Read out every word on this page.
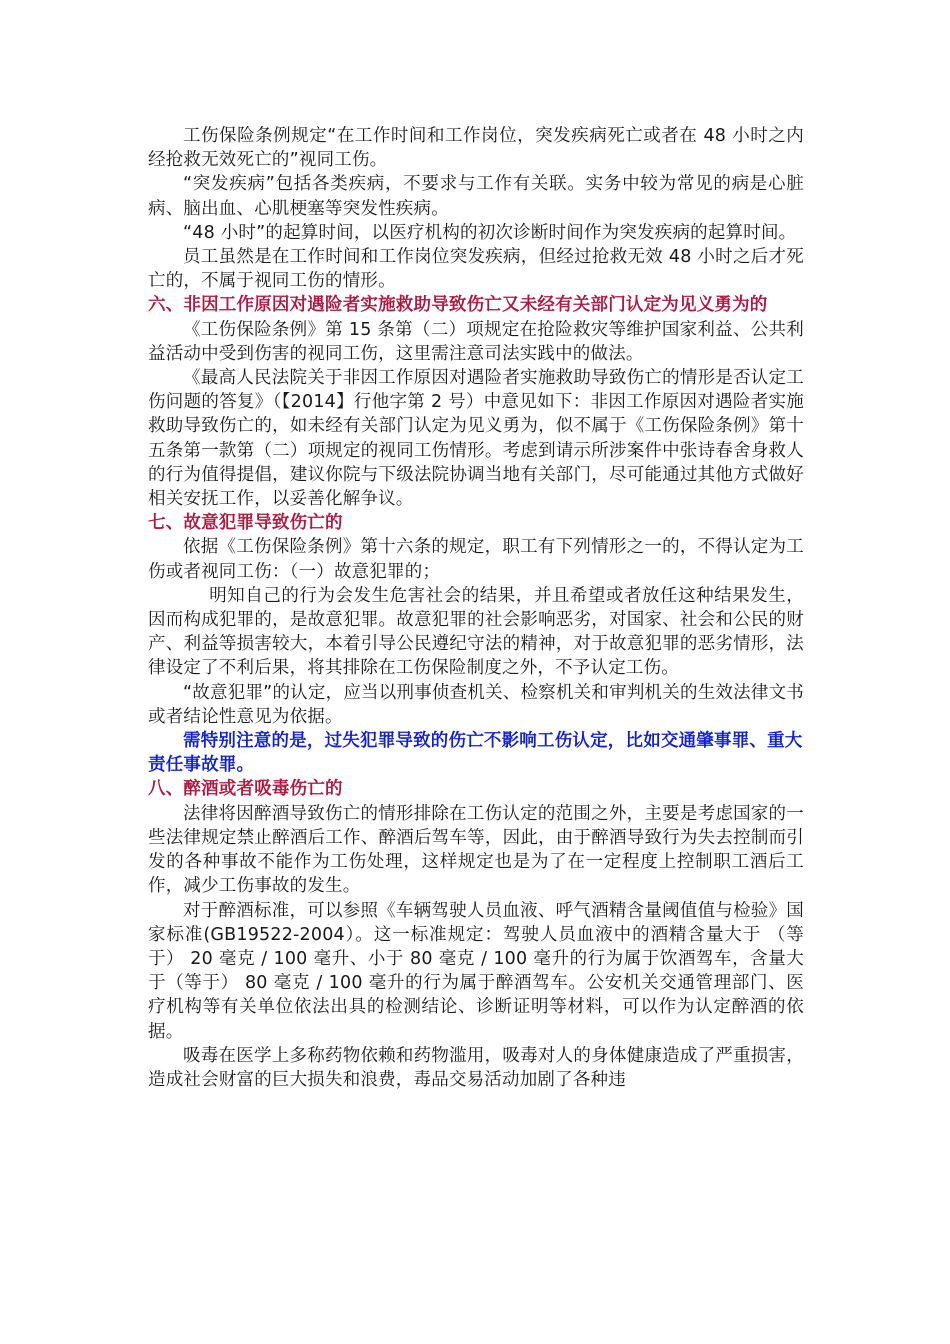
工伤保险条例规定“在工作时间和工作岗位，突发疾病死亡或者在 48 小时之内经抢救无效死亡的”视同工伤。

“突发疾病”包括各类疾病，不要求与工作有关联。实务中较为常见的病是心脏病、脑出血、心肌梗塞等突发性疾病。

“48 小时”的起算时间，以医疗机构的初次诊断时间作为突发疾病的起算时间。

员工虽然是在工作时间和工作岗位突发疾病，但经过抢救无效 48 小时之后才死亡的，不属于视同工伤的情形。

六、非因工作原因对遇险者实施救助导致伤亡又未经有关部门认定为见义勇为的

《工伤保险条例》第 15 条第（二）项规定在抢险救灾等维护国家利益、公共利益活动中受到伤害的视同工伤，这里需注意司法实践中的做法。

《最高人民法院关于非因工作原因对遇险者实施救助导致伤亡的情形是否认定工伤问题的答复》（【2014】行他字第 2 号）中意见如下：非因工作原因对遇险者实施救助导致伤亡的，如未经有关部门认定为见义勇为，似不属于《工伤保险条例》第十五条第一款第（二）项规定的视同工伤情形。考虑到请示所涉案件中张诗春舍身救人的行为值得提倡，建议你院与下级法院协调当地有关部门，尽可能通过其他方式做好相关安抚工作，以妥善化解争议。

七、故意犯罪导致伤亡的

依据《工伤保险条例》第十六条的规定，职工有下列情形之一的，不得认定为工伤或者视同工伤：（一）故意犯罪的；

明知自己的行为会发生危害社会的结果，并且希望或者放任这种结果发生，因而构成犯罪的，是故意犯罪。故意犯罪的社会影响恶劣，对国家、社会和公民的财产、利益等损害较大，本着引导公民遵纪守法的精神，对于故意犯罪的恶劣情形，法律设定了不利后果，将其排除在工伤保险制度之外，不予认定工伤。

“故意犯罪”的认定，应当以刑事侦查机关、检察机关和审判机关的生效法律文书或者结论性意见为依据。

需特别注意的是，过失犯罪导致的伤亡不影响工伤认定，比如交通肇事罪、重大责任事故罪。

八、醉酒或者吸毒伤亡的

法律将因醉酒导致伤亡的情形排除在工伤认定的范围之外，主要是考虑国家的一些法律规定禁止醉酒后工作、醉酒后驾车等，因此，由于醉酒导致行为失去控制而引发的各种事故不能作为工伤处理，这样规定也是为了在一定程度上控制职工酒后工作，减少工伤事故的发生。

对于醉酒标准，可以参照《车辆驾驶人员血液、呼气酒精含量阈值值与检验》国家标准(GB19522-2004）。这一标准规定：驾驶人员血液中的酒精含量大于 （等于） 20 毫克 / 100 毫升、小于 80 毫克 / 100 毫升的行为属于饮酒驾车，含量大于（等于） 80 毫克 / 100 毫升的行为属于醉酒驾车。公安机关交通管理部门、医疗机构等有关单位依法出具的检测结论、诊断证明等材料，可以作为认定醉酒的依据。

吸毒在医学上多称药物依赖和药物滥用，吸毒对人的身体健康造成了严重损害，造成社会财富的巨大损失和浪费，毒品交易活动加剧了各种违
